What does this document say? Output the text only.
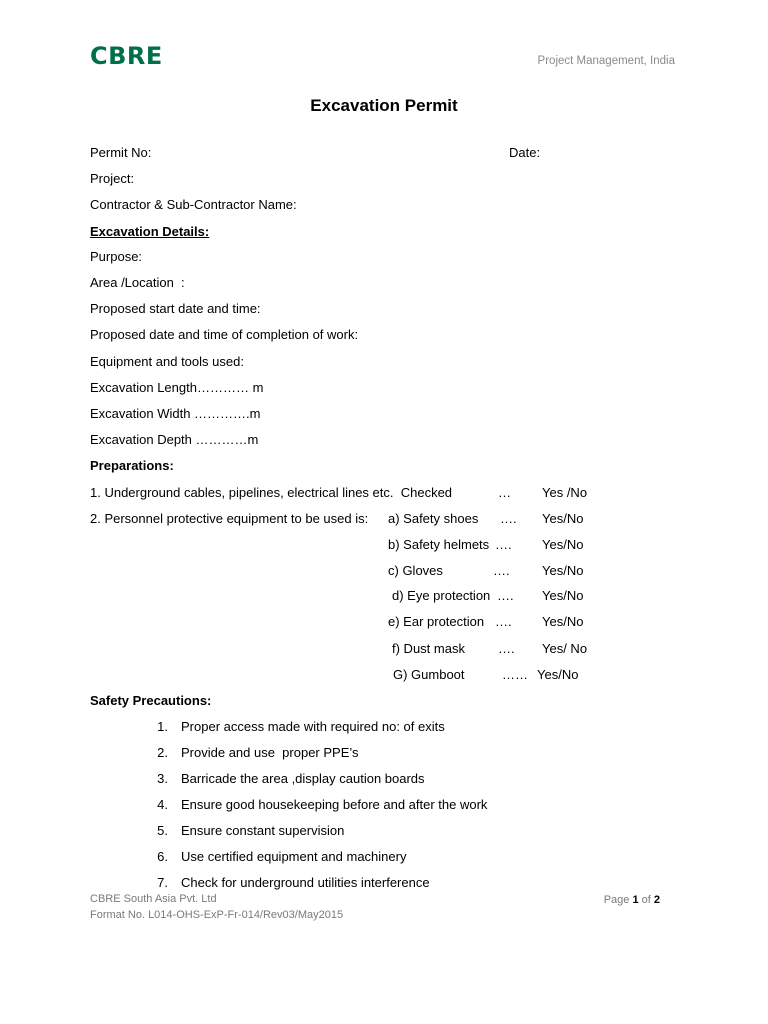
CBRE	Project Management, India
Excavation Permit
Permit No:	Date:
Project:
Contractor & Sub-Contractor Name:
Excavation Details:
Purpose:
Area /Location  :
Proposed start date and time:
Proposed date and time of completion of work:
Equipment and tools used:
Excavation Length………… m
Excavation Width ………….m
Excavation Depth …………m
Preparations:
1. Underground cables, pipelines, electrical lines etc.  Checked	… Yes /No
2. Personnel protective equipment to be used is: a) Safety shoes …. Yes/No
b) Safety helmets …. Yes/No
c) Gloves	…. Yes/No
d) Eye protection …. Yes/No
e) Ear protection …. Yes/No
f) Dust mask	…. Yes/ No
G) Gumboot	…… Yes/No
Safety Precautions:
1. Proper access made with required no: of exits
2. Provide and use  proper PPE’s
3. Barricade the area ,display caution boards
4. Ensure good housekeeping before and after the work
5. Ensure constant supervision
6. Use certified equipment and machinery
7. Check for underground utilities interference
CBRE South Asia Pvt. Ltd
Format No. L014-OHS-ExP-Fr-014/Rev03/May2015
Page 1 of 2
